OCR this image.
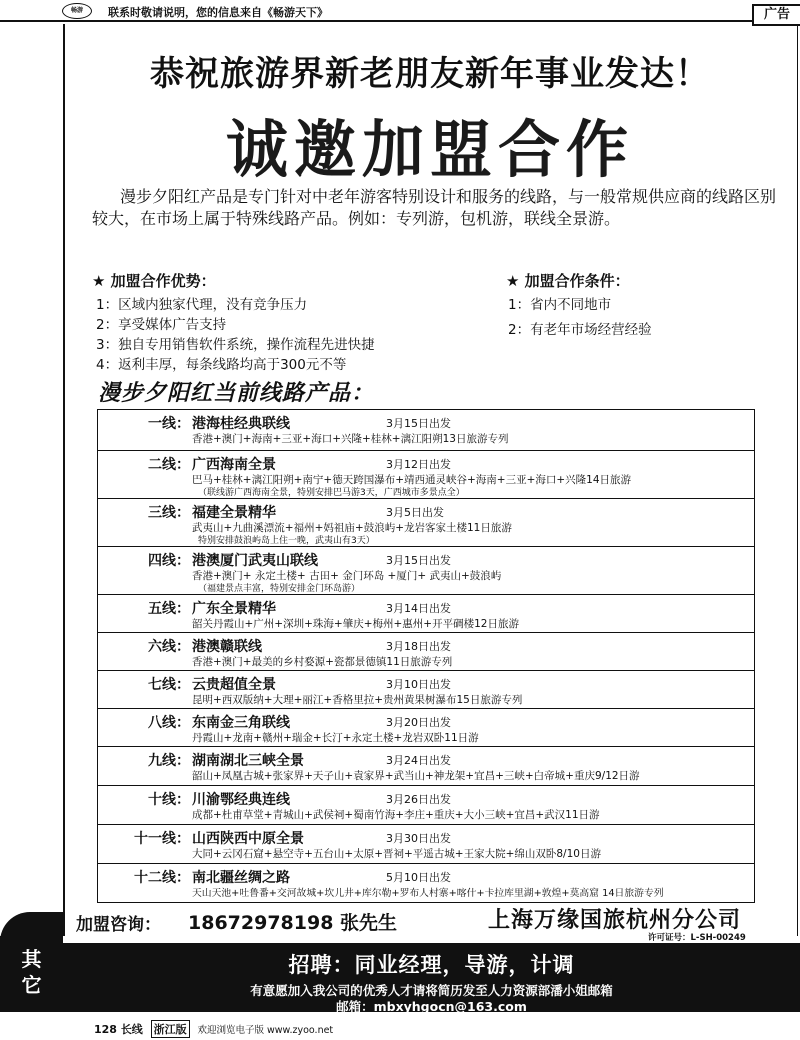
畅游	联系时敬请说明，您的信息来自《畅游天下》	广告
恭祝旅游界新老朋友新年事业发达！
诚邀加盟合作
漫步夕阳红产品是专门针对中老年游客特别设计和服务的线路，与一般常规供应商的线路区别较大，在市场上属于特殊线路产品。例如：专列游，包机游，联线全景游。
★ 加盟合作优势：
1：区域内独家代理，没有竞争压力
2：享受媒体广告支持
3：独自专用销售软件系统，操作流程先进快捷
4：返利丰厚，每条线路均高于300元不等
★ 加盟合作条件：
1：省内不同地市
2：有老年市场经营经验
漫步夕阳红当前线路产品：
一线： 港海桂经典联线	3月15日出发
香港+澳门+海南+三亚+海口+兴隆+桂林+漓江阳朔13日旅游专列
二线： 广西海南全景	3月12日出发
巴马+桂林+漓江阳朔+南宁+德天跨国瀑布+靖西通灵峡谷+海南+三亚+海口+兴隆14日旅游
（联线游广西海南全景，特别安排巴马游3天，广西城市多景点全）
三线： 福建全景精华	3月5日出发
武夷山+九曲溪漂流+福州+妈祖庙+鼓浪屿+龙岩客家土楼11日旅游
特别安排鼓浪屿岛上住一晚，武夷山有3天）
四线： 港澳厦门武夷山联线	3月15日出发
香港+澳门+ 永定土楼+ 古田+ 金门环岛 +厦门+ 武夷山+鼓浪屿
（福建景点丰富，特别安排金门环岛游）
五线： 广东全景精华	3月14日出发
韶关丹霞山+广州+深圳+珠海+肇庆+梅州+惠州+开平碉楼12日旅游
六线： 港澳赣联线	3月18日出发
香港+澳门+最美的乡村婺源+瓷都景德镇11日旅游专列
七线： 云贵超值全景	3月10日出发
昆明+西双版纳+大理+丽江+香格里拉+贵州黄果树瀑布15日旅游专列
八线： 东南金三角联线	3月20日出发
丹霞山+龙南+赣州+瑞金+长汀+永定土楼+龙岩双卧11日游
九线： 湖南湖北三峡全景	3月24日出发
韶山+凤凰古城+张家界+天子山+袁家界+武当山+神龙架+宜昌+三峡+白帝城+重庆9/12日游
十线： 川渝鄂经典连线	3月26日出发
成都+杜甫草堂+青城山+武侯祠+蜀南竹海+李庄+重庆+大小三峡+宜昌+武汉11日游
十一线： 山西陕西中原全景	3月30日出发
大同+云冈石窟+悬空寺+五台山+太原+晋祠+平遥古城+王家大院+绵山双卧8/10日游
十二线： 南北疆丝绸之路	5月10日出发
天山天池+吐鲁番+交河故城+坎儿井+库尔勒+罗布人村寨+喀什+卡拉库里湖+敦煌+莫高窟 14日旅游专列
加盟咨询： 18672978198 张先生	上海万缘国旅杭州分公司
许可证号：L-SH-00249
其
它
招聘：同业经理，导游，计调
有意愿加入我公司的优秀人才请将简历发至人力资源部潘小姐邮箱
邮箱：mbxyhgocn@163.com
128 长线 浙江版 欢迎浏览电子版 www.zyoo.net
